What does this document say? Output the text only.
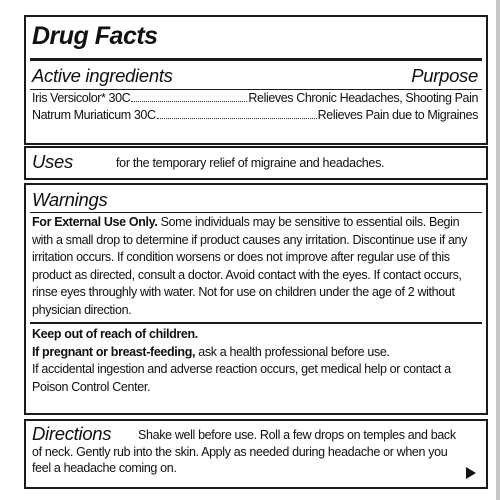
Drug Facts
Active ingredients	Purpose
Iris Versicolor* 30C	Relieves Chronic Headaches, Shooting Pain
Natrum Muriaticum 30C	Relieves Pain due to Migraines
Uses	for the temporary relief of migraine and headaches.
Warnings
For External Use Only. Some individuals may be sensitive to essential oils. Begin with a small drop to determine if product causes any irritation. Discontinue use if any irritation occurs. If condition worsens or does not improve after regular use of this product as directed, consult a doctor. Avoid contact with the eyes. If contact occurs, rinse eyes throughly with water. Not for use on children under the age of 2 without physician direction.
Keep out of reach of children.
If pregnant or breast-feeding, ask a health professional before use.
If accidental ingestion and adverse reaction occurs, get medical help or contact a Poison Control Center.
Directions	Shake well before use. Roll a few drops on temples and back of neck. Gently rub into the skin. Apply as needed during headache or when you feel a headache coming on.
